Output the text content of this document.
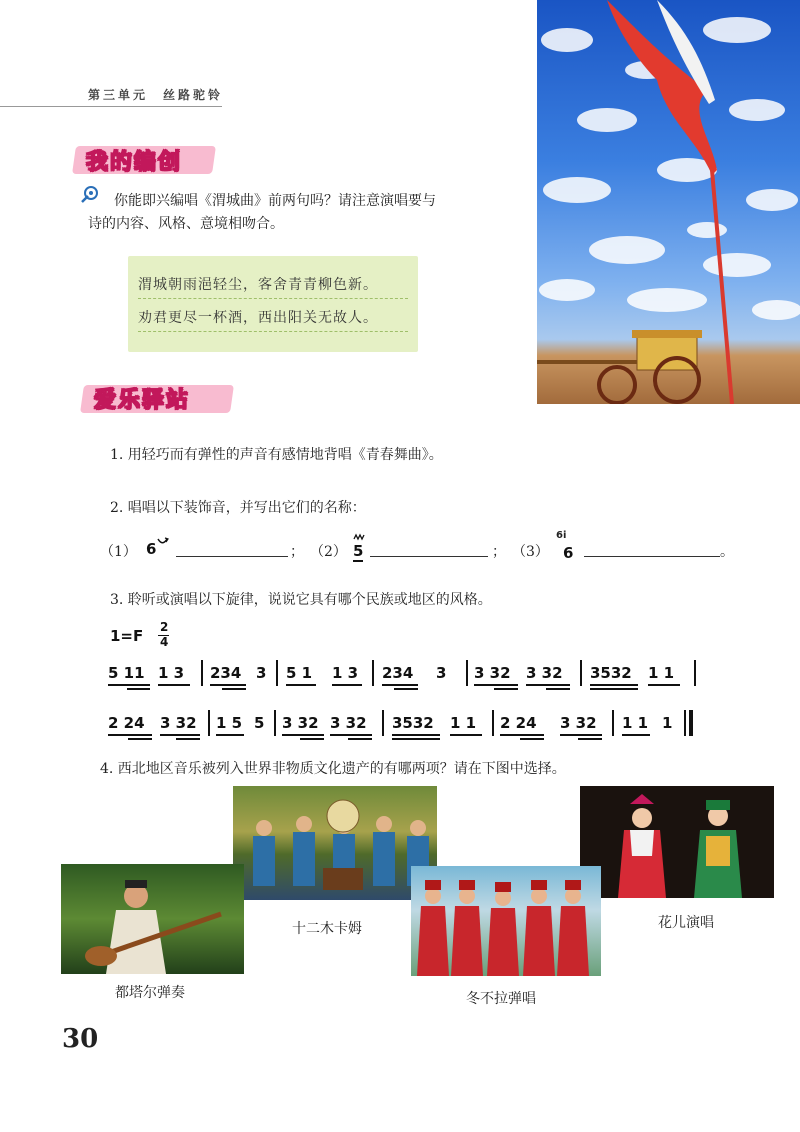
第三单元　丝路驼铃
我的编创
你能即兴编唱《渭城曲》前两句吗？请注意演唱要与诗的内容、风格、意境相吻合。
渭城朝雨浥轻尘，客舍青青柳色新。
劝君更尽一杯酒，西出阳关无故人。
爱乐驿站
1. 用轻巧而有弹性的声音有感情地背唱《青春舞曲》。
2. 唱唱以下装饰音，并写出它们的名称：
（1） 6	； （2） 5	； （3）
6i
6	。
3. 聆听或演唱以下旋律，说说它具有哪个民族或地区的风格。
1=F 2
4
5 11 1 3 234 3 5 1 1 3 234 3 3 32 3 32 3532 1 1
2 24 3 32 1 5 5 3 32 3 32 3532 1 1 2 24 3 32 1 1 1
4. 西北地区音乐被列入世界非物质文化遗产的有哪两项？请在下图中选择。
十二木卡姆	花儿演唱
都塔尔弹奏	冬不拉弹唱
30
